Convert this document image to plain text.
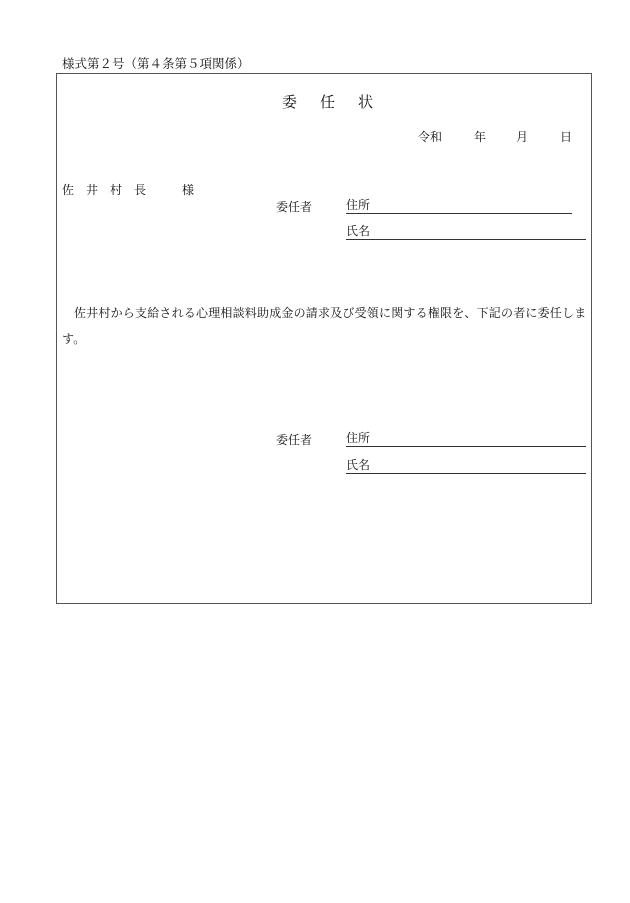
様式第２号（第４条第５項関係）
委　任　状
令和	年 月	日
佐　井　村　長　　　様
委任者	住所
氏名
佐井村から支給される心理相談料助成金の請求及び受領に関する権限を、下記の者に委任します。
委任者	住所
氏名
